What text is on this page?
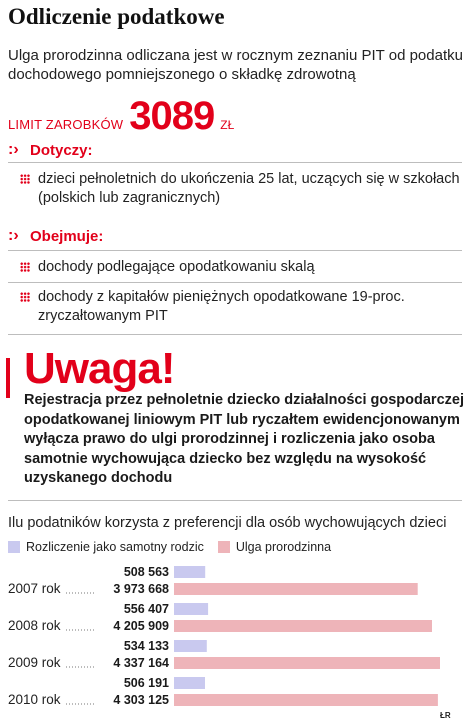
Odliczenie podatkowe
Ulga prorodzinna odliczana jest w rocznym zeznaniu PIT od podatku dochodowego pomniejszonego o składkę zdrowotną
LIMIT ZAROBKÓW 3089 ZŁ
:› Dotyczy:
dzieci pełnoletnich do ukończenia 25 lat, uczących się w szkołach (polskich lub zagranicznych)
:› Obejmuje:
dochody podlegające opodatkowaniu skalą
dochody z kapitałów pieniężnych opodatkowane 19-proc. zryczałtowanym PIT
Uwaga!
Rejestracja przez pełnoletnie dziecko działalności gospodarczej opodatkowanej liniowym PIT lub ryczałtem ewidencjonowanym wyłącza prawo do ulgi prorodzinnej i rozliczenia jako osoba samotnie wychowująca dziecko bez względu na wysokość uzyskanego dochodu
Ilu podatników korzysta z preferencji dla osób wychowujących dzieci
Rozliczenie jako samotny rodzic	Ulga prorodzinna
2007 rok
508 563
3 973 668
2008 rok
556 407
4 205 909
2009 rok
534 133
4 337 164
2010 rok
506 191
4 303 125
ŁR
